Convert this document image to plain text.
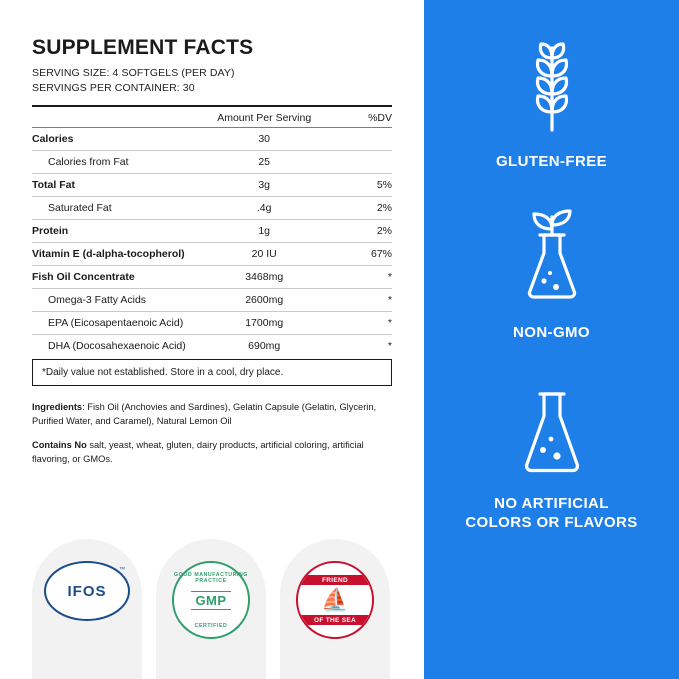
SUPPLEMENT FACTS
SERVING SIZE: 4 SOFTGELS (PER DAY)
SERVINGS PER CONTAINER: 30
	Amount Per Serving	%DV
Calories	30	
Calories from Fat	25	
Total Fat	3g	5%
Saturated Fat	.4g	2%
Protein	1g	2%
Vitamin E (d-alpha-tocopherol)	20 IU	67%
Fish Oil Concentrate	3468mg	*
Omega-3 Fatty Acids	2600mg	*
EPA (Eicosapentaenoic Acid)	1700mg	*
DHA (Docosahexaenoic Acid)	690mg	*
*Daily value not established. Store in a cool, dry place.
Ingredients: Fish Oil (Anchovies and Sardines), Gelatin Capsule (Gelatin, Glycerin, Purified Water, and Caramel), Natural Lemon Oil
Contains No salt, yeast, wheat, gluten, dairy products, artificial coloring, artificial flavoring, or GMOs.
IFOS
™
GOOD MANUFACTURING PRACTICE
GMP
CERTIFIED
FRIEND
⛵
OF THE SEA
®
GLUTEN-FREE
NON-GMO
NO ARTIFICIAL
COLORS OR FLAVORS
